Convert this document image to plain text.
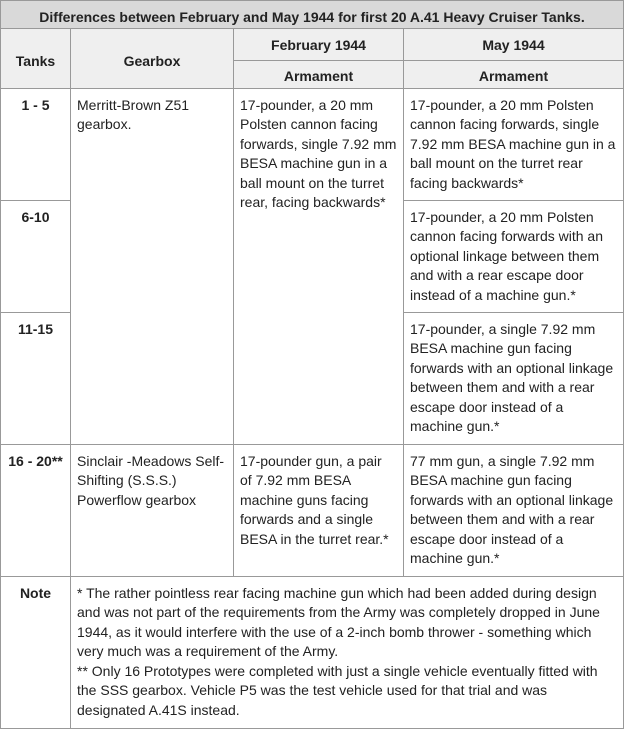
Differences between February and May 1944 for first 20 A.41 Heavy Cruiser Tanks.			
Tanks	Gearbox	February 1944	May 1944
		Armament	Armament
1 - 5	Merritt-Brown Z51 gearbox.	17-pounder, a 20 mm Polsten cannon facing forwards, single 7.92 mm BESA machine gun in a ball mount on the turret rear, facing backwards*	17-pounder, a 20 mm Polsten cannon facing forwards, single 7.92 mm BESA machine gun in a ball mount on the turret rear facing backwards*
6-10			17-pounder, a 20 mm Polsten cannon facing forwards with an optional linkage between them and with a rear escape door instead of a machine gun.*
11-15			17-pounder, a single 7.92 mm BESA machine gun facing forwards with an optional linkage between them and with a rear escape door instead of a machine gun.*
16 - 20**	Sinclair -Meadows Self-Shifting (S.S.S.) Powerflow gearbox	17-pounder gun, a pair of 7.92 mm BESA machine guns facing forwards and a single BESA in the turret rear.*	77 mm gun, a single 7.92 mm BESA machine gun facing forwards with an optional linkage between them and with a rear escape door instead of a machine gun.*
Note	* The rather pointless rear facing machine gun which had been added during design and was not part of the requirements from the Army was completely dropped in June 1944, as it would interfere with the use of a 2-inch bomb thrower - something which very much was a requirement of the Army.

** Only 16 Prototypes were completed with just a single vehicle eventually fitted with the SSS gearbox. Vehicle P5 was the test vehicle used for that trial and was designated A.41S instead.		
